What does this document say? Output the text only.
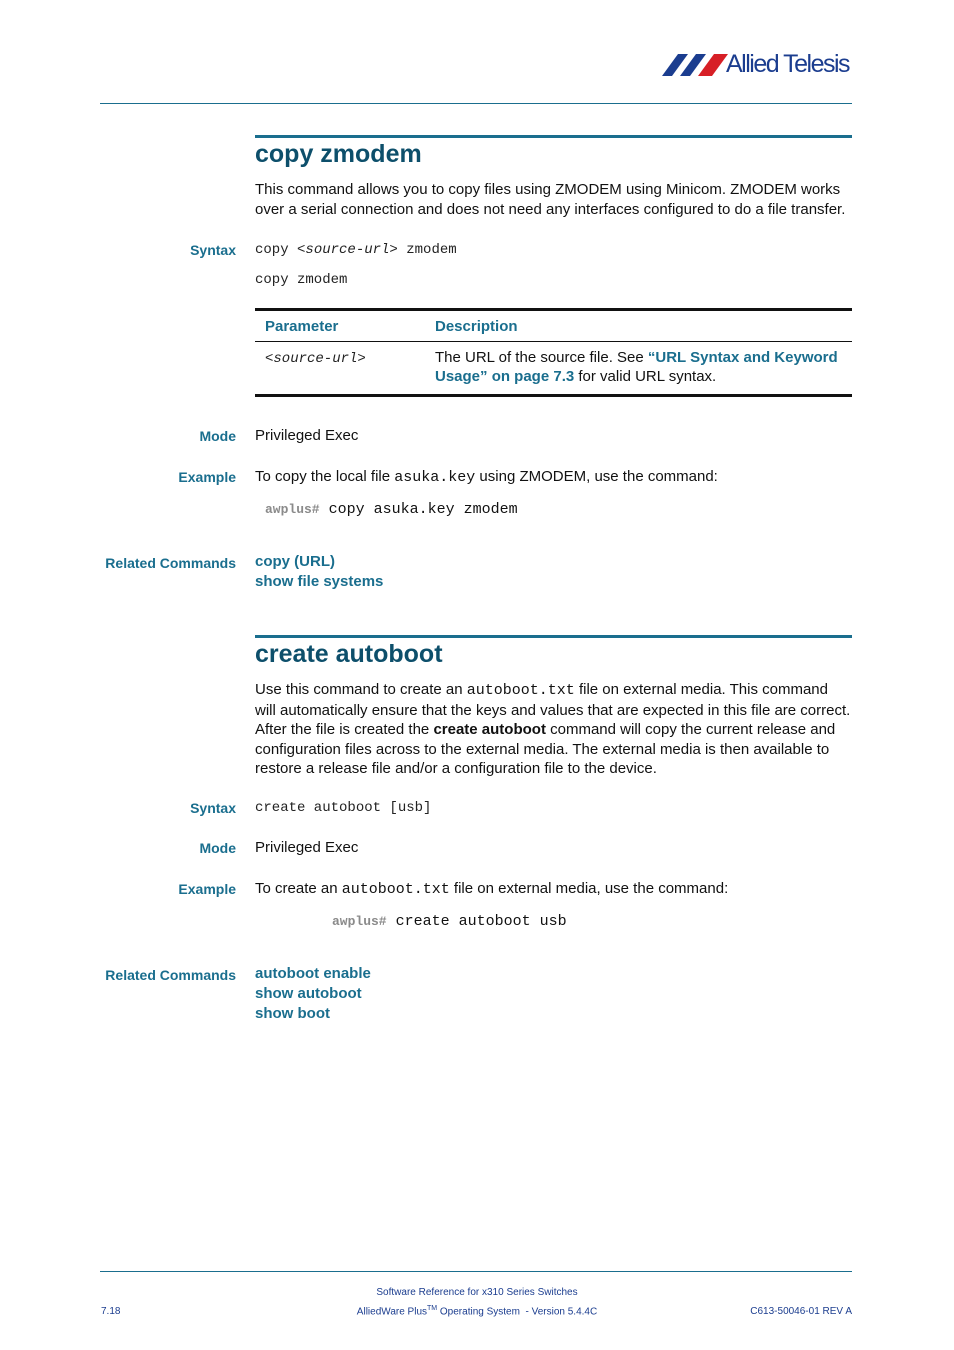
Allied Telesis
copy zmodem
This command allows you to copy files using ZMODEM using Minicom. ZMODEM works over a serial connection and does not need any interfaces configured to do a file transfer.
Syntax copy <source-url> zmodem
copy zmodem
Parameter	Description
<source-url>	The URL of the source file. See “URL Syntax and Keyword Usage” on page 7.3 for valid URL syntax.
Mode Privileged Exec
Example To copy the local file asuka.key using ZMODEM, use the command:
awplus# copy asuka.key zmodem
Related Commands copy (URL)
show file systems
create autoboot
Use this command to create an autoboot.txt file on external media. This command will automatically ensure that the keys and values that are expected in this file are correct. After the file is created the create autoboot command will copy the current release and configuration files across to the external media. The external media is then available to restore a release file and/or a configuration file to the device.
Syntax create autoboot [usb]
Mode Privileged Exec
Example To create an autoboot.txt file on external media, use the command:
awplus# create autoboot usb
Related Commands autoboot enable
show autoboot
show boot
7.18
Software Reference for x310 Series Switches
AlliedWare Plus™ Operating System  - Version 5.4.4C	C613-50046-01 REV A
